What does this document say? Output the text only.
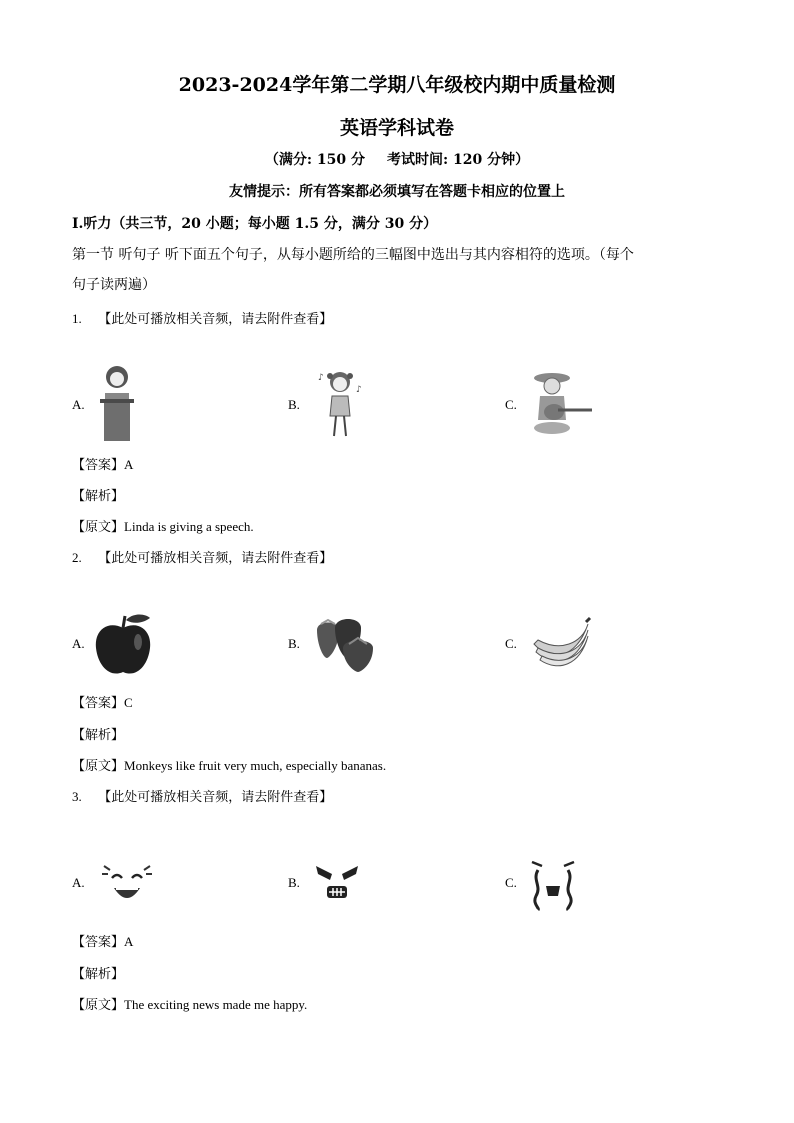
2023-2024学年第二学期八年级校内期中质量检测
英语学科试卷
（满分: 150 分 考试时间: 120 分钟）
友情提示：所有答案都必须填写在答题卡相应的位置上
I.听力（共三节，20 小题；每小题 1.5 分，满分 30 分）
第一节 听句子 听下面五个句子，从每小题所给的三幅图中选出与其内容相符的选项。（每个
句子读两遍）
1. 【此处可播放相关音频，请去附件查看】
A.	B.	C.
♪
♪
【答案】A
【解析】
【原文】Linda is giving a speech.
2. 【此处可播放相关音频，请去附件查看】
A.	B.	C.
【答案】C
【解析】
【原文】Monkeys like fruit very much, especially bananas.
3. 【此处可播放相关音频，请去附件查看】
A.	B.	C.
【答案】A
【解析】
【原文】The exciting news made me happy.
